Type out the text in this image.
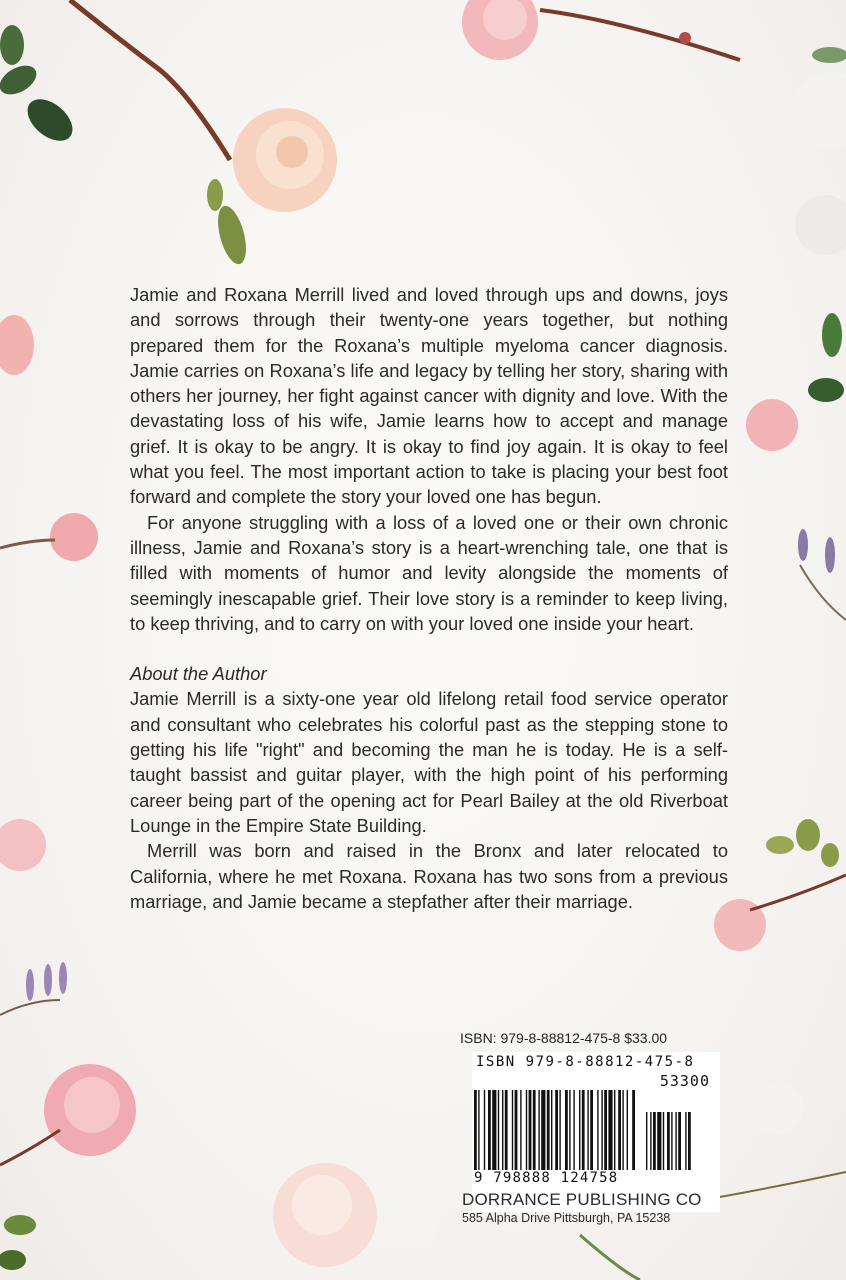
Jamie and Roxana Merrill lived and loved through ups and downs, joys and sorrows through their twenty-one years together, but nothing prepared them for the Roxana’s multiple myeloma cancer diagnosis. Jamie carries on Roxana’s life and legacy by telling her story, sharing with others her journey, her fight against cancer with dignity and love. With the devastating loss of his wife, Jamie learns how to accept and manage grief. It is okay to be angry. It is okay to find joy again. It is okay to feel what you feel. The most important action to take is placing your best foot forward and complete the story your loved one has begun.

For anyone struggling with a loss of a loved one or their own chronic illness, Jamie and Roxana’s story is a heart-wrenching tale, one that is filled with moments of humor and levity alongside the moments of seemingly inescapable grief. Their love story is a reminder to keep living, to keep thriving, and to carry on with your loved one inside your heart.

About the Author

Jamie Merrill is a sixty-one year old lifelong retail food service operator and consultant who celebrates his colorful past as the stepping stone to getting his life "right" and becoming the man he is today. He is a self-taught bassist and guitar player, with the high point of his performing career being part of the opening act for Pearl Bailey at the old Riverboat Lounge in the Empire State Building.

Merrill was born and raised in the Bronx and later relocated to California, where he met Roxana. Roxana has two sons from a previous marriage, and Jamie became a stepfather after their marriage.

ISBN: 979-8-88812-475-8 $33.00
ISBN 979-8-88812-475-8
53300
9 798888 124758
DORRANCE PUBLISHING CO
585 Alpha Drive Pittsburgh, PA 15238
